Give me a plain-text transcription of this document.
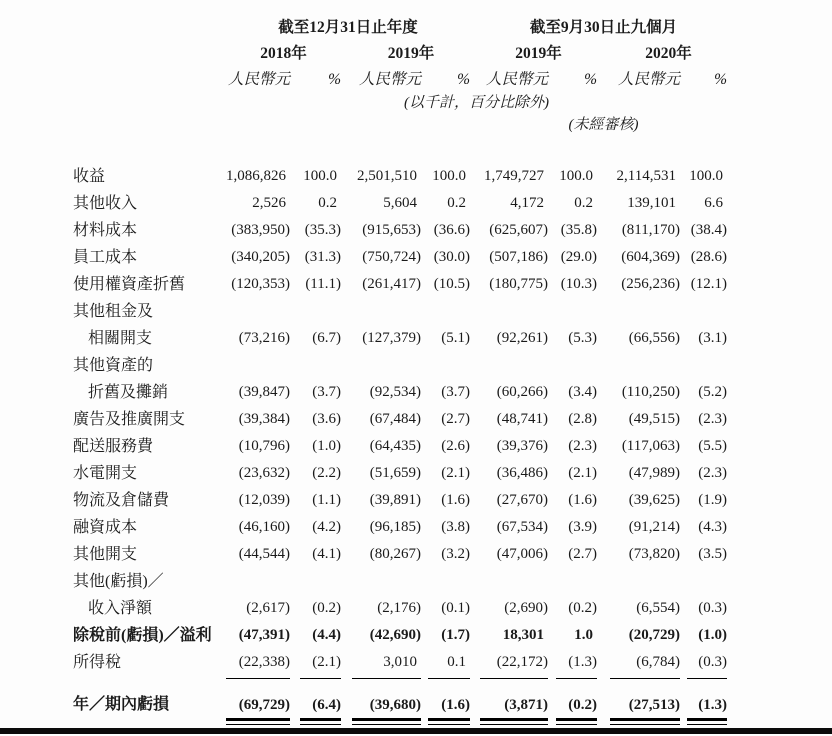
截至12月31日止年度	截至9月30日止九個月
2018年	2019年	2019年	2020年
人民幣元	%	人民幣元	%	人民幣元	%	人民幣元	%
(以千計，百分比除外)
(未經審核)
收益	1,086,826 100.0	2,501,510 100.0 1,749,727 100.0	2,114,531 100.0
其他收入	2,526	0.2	5,604	0.2	4,172	0.2	139,101	6.6
材料成本	(383,950) (35.3)	(915,653) (36.6)	(625,607) (35.8)	(811,170) (38.4)
員工成本	(340,205) (31.3)	(750,724) (30.0)	(507,186) (29.0)	(604,369) (28.6)
使用權資產折舊	(120,353)	(11.1)	(261,417) (10.5)	(180,775) (10.3)	(256,236) (12.1)
其他租金及
相關開支	(73,216)	(6.7)	(127,379)	(5.1)	(92,261)	(5.3)	(66,556)	(3.1)
其他資產的
折舊及攤銷	(39,847)	(3.7)	(92,534)	(3.7)	(60,266)	(3.4)	(110,250)	(5.2)
廣告及推廣開支	(39,384)	(3.6)	(67,484)	(2.7)	(48,741)	(2.8)	(49,515)	(2.3)
配送服務費	(10,796)	(1.0)	(64,435)	(2.6)	(39,376)	(2.3)	(117,063)	(5.5)
水電開支	(23,632)	(2.2)	(51,659)	(2.1)	(36,486)	(2.1)	(47,989)	(2.3)
物流及倉儲費	(12,039)	(1.1)	(39,891)	(1.6)	(27,670)	(1.6)	(39,625)	(1.9)
融資成本	(46,160)	(4.2)	(96,185)	(3.8)	(67,534)	(3.9)	(91,214)	(4.3)
其他開支	(44,544)	(4.1)	(80,267)	(3.2)	(47,006)	(2.7)	(73,820)	(3.5)
其他(虧損)／
收入淨額	(2,617)	(0.2)	(2,176)	(0.1)	(2,690)	(0.2)	(6,554)	(0.3)
除稅前(虧損)／溢利	(47,391)	(4.4)	(42,690)	(1.7)	18,301	1.0	(20,729)	(1.0)
所得稅	(22,338)	(2.1)	3,010	0.1	(22,172)	(1.3)	(6,784)	(0.3)
年／期內虧損	(69,729)	(6.4)	(39,680)	(1.6)	(3,871)	(0.2)	(27,513)	(1.3)
